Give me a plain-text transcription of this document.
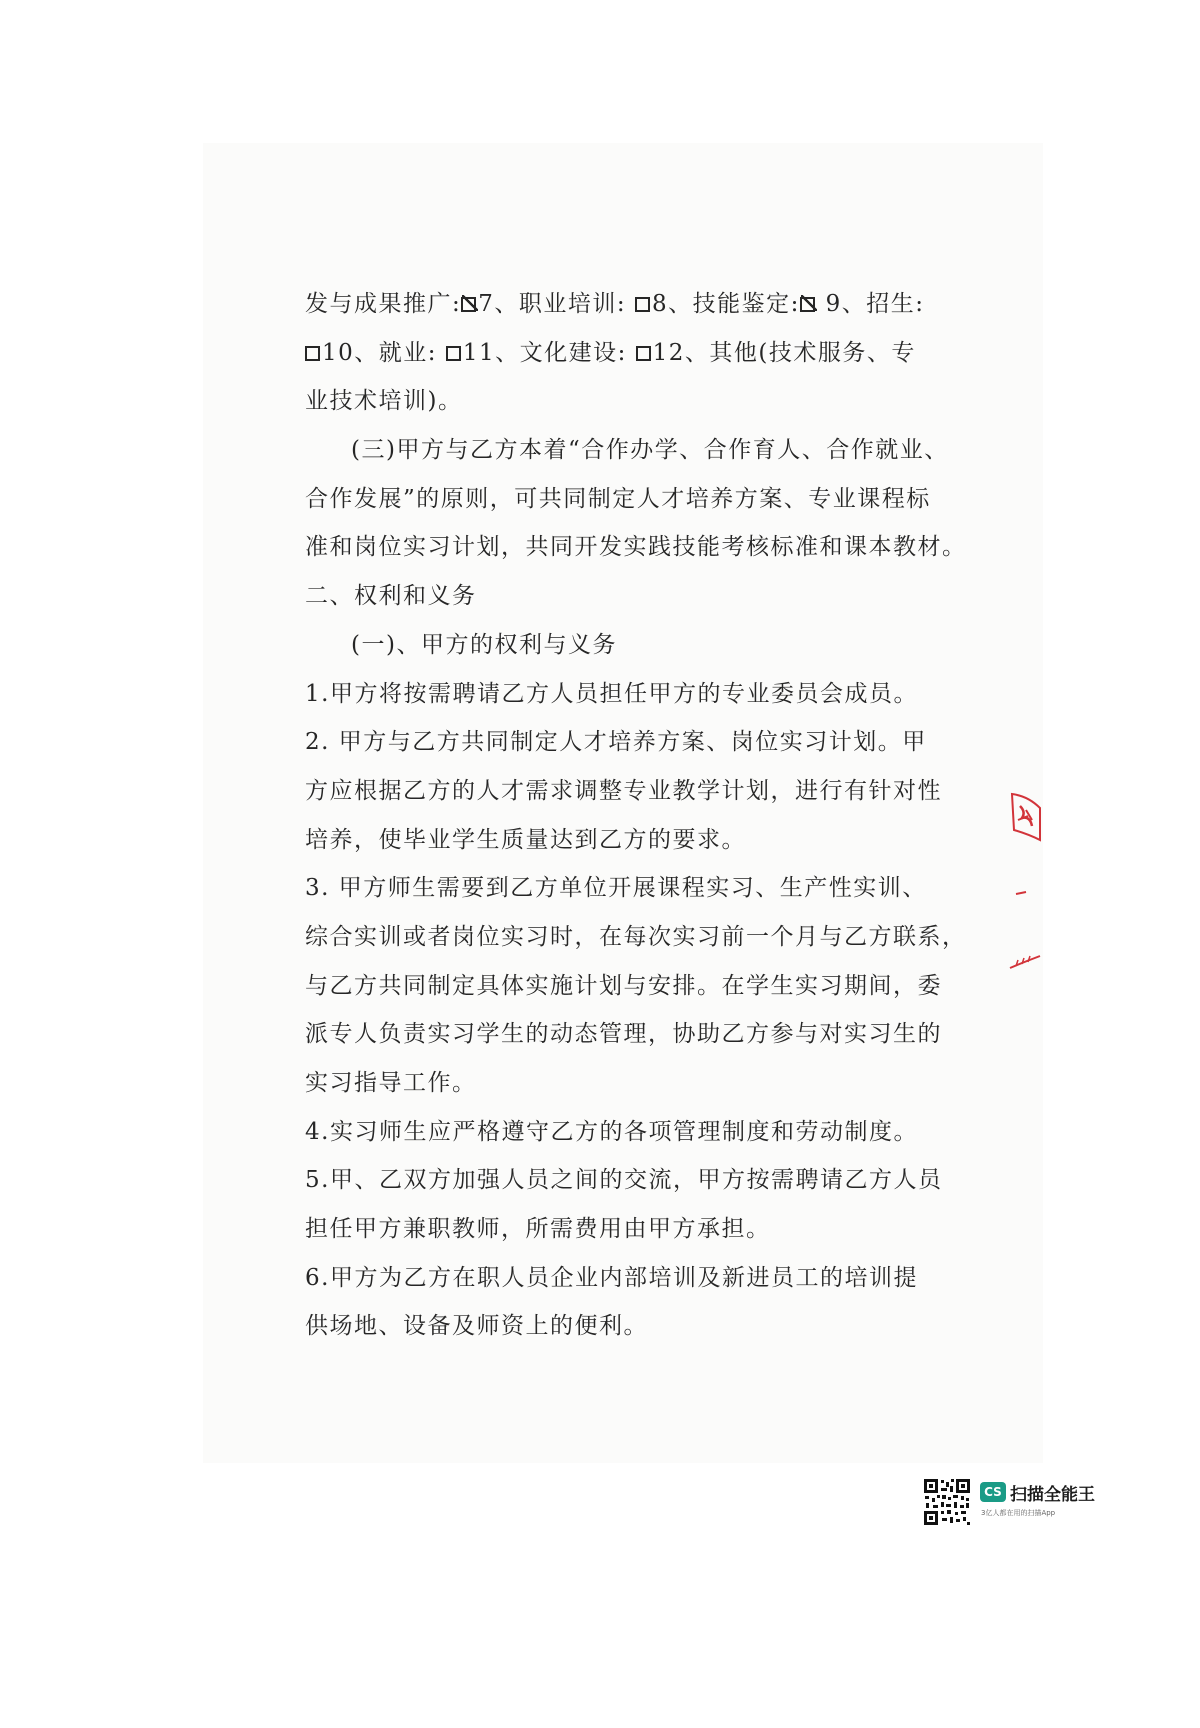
发与成果推广: 7、职业培训: 8、技能鉴定: 9、招生:
10、就业: 11、文化建设: 12、其他(技术服务、专
业技术培训)。
(三)甲方与乙方本着“合作办学、合作育人、合作就业、
合作发展”的原则，可共同制定人才培养方案、专业课程标
准和岗位实习计划，共同开发实践技能考核标准和课本教材。
二、权利和义务
(一)、甲方的权利与义务
1.甲方将按需聘请乙方人员担任甲方的专业委员会成员。
2. 甲方与乙方共同制定人才培养方案、岗位实习计划。甲
方应根据乙方的人才需求调整专业教学计划，进行有针对性
培养，使毕业学生质量达到乙方的要求。
3. 甲方师生需要到乙方单位开展课程实习、生产性实训、
综合实训或者岗位实习时，在每次实习前一个月与乙方联系，
与乙方共同制定具体实施计划与安排。在学生实习期间，委
派专人负责实习学生的动态管理，协助乙方参与对实习生的
实习指导工作。
4.实习师生应严格遵守乙方的各项管理制度和劳动制度。
5.甲、乙双方加强人员之间的交流，甲方按需聘请乙方人员
担任甲方兼职教师，所需费用由甲方承担。
6.甲方为乙方在职人员企业内部培训及新进员工的培训提
供场地、设备及师资上的便利。
CS 扫描全能王
3亿人都在用的扫描App
